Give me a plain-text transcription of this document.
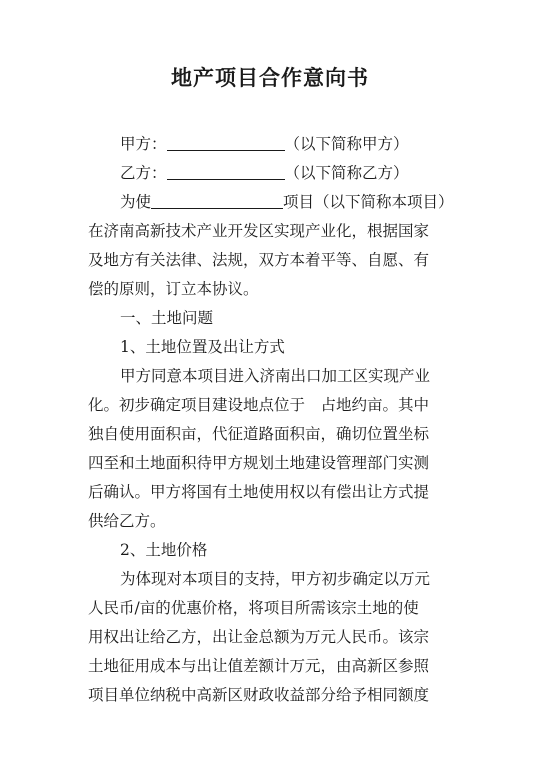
地产项目合作意向书
甲方：	（以下简称甲方）
乙方：	（以下简称乙方）
为使	项目（以下简称本项目）
在济南高新技术产业开发区实现产业化，根据国家
及地方有关法律、法规，双方本着平等、自愿、有
偿的原则，订立本协议。
一、土地问题
1、土地位置及出让方式
甲方同意本项目进入济南出口加工区实现产业
化。初步确定项目建设地点位于　占地约亩。其中
独自使用面积亩，代征道路面积亩，确切位置坐标
四至和土地面积待甲方规划土地建设管理部门实测
后确认。甲方将国有土地使用权以有偿出让方式提
供给乙方。
2、土地价格
为体现对本项目的支持，甲方初步确定以万元
人民币/亩的优惠价格，将项目所需该宗土地的使
用权出让给乙方，出让金总额为万元人民币。该宗
土地征用成本与出让值差额计万元，由高新区参照
项目单位纳税中高新区财政收益部分给予相同额度
